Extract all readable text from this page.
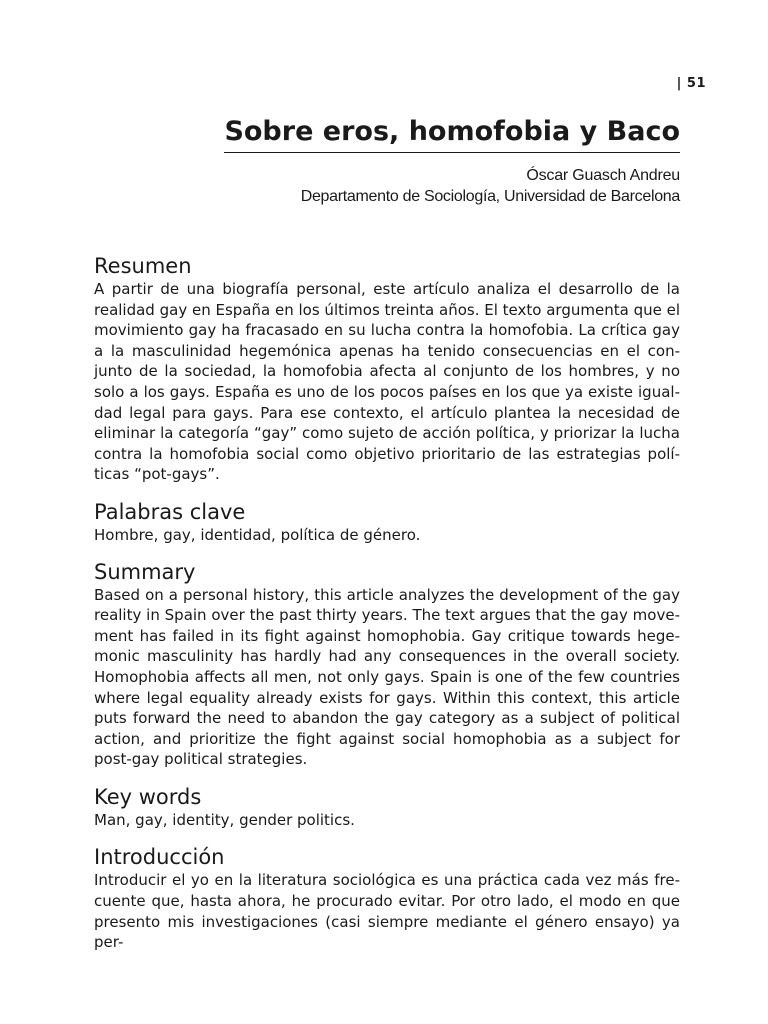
| 51
Sobre eros, homofobia y Baco

Óscar Guasch Andreu

Departamento de Sociología, Universidad de Barcelona

Resumen

A partir de una biografía personal, este artículo analiza el desarrollo de la realidad gay en España en los últimos treinta años. El texto argumenta que el movimiento gay ha fracasado en su lucha contra la homofobia. La crítica gay a la masculinidad hegemónica apenas ha tenido consecuencias en el conjunto de la sociedad, la homofobia afecta al conjunto de los hombres, y no solo a los gays. España es uno de los pocos países en los que ya existe igualdad legal para gays. Para ese contexto, el artículo plantea la necesidad de eliminar la categoría “gay” como sujeto de acción política, y priorizar la lucha contra la homofobia social como objetivo prioritario de las estrategias políticas “pot-gays”.

Palabras clave

Hombre, gay, identidad, política de género.

Summary

Based on a personal history, this article analyzes the development of the gay reality in Spain over the past thirty years. The text argues that the gay movement has failed in its fight against homophobia. Gay critique towards hegemonic masculinity has hardly had any consequences in the overall society. Homophobia affects all men, not only gays. Spain is one of the few countries where legal equality already exists for gays. Within this context, this article puts forward the need to abandon the gay category as a subject of political action, and prioritize the fight against social homophobia as a subject for post-gay political strategies.

Key words

Man, gay, identity, gender politics.

Introducción

Introducir el yo en la literatura sociológica es una práctica cada vez más frecuente que, hasta ahora, he procurado evitar. Por otro lado, el modo en que presento mis investigaciones (casi siempre mediante el género ensayo) ya per-
